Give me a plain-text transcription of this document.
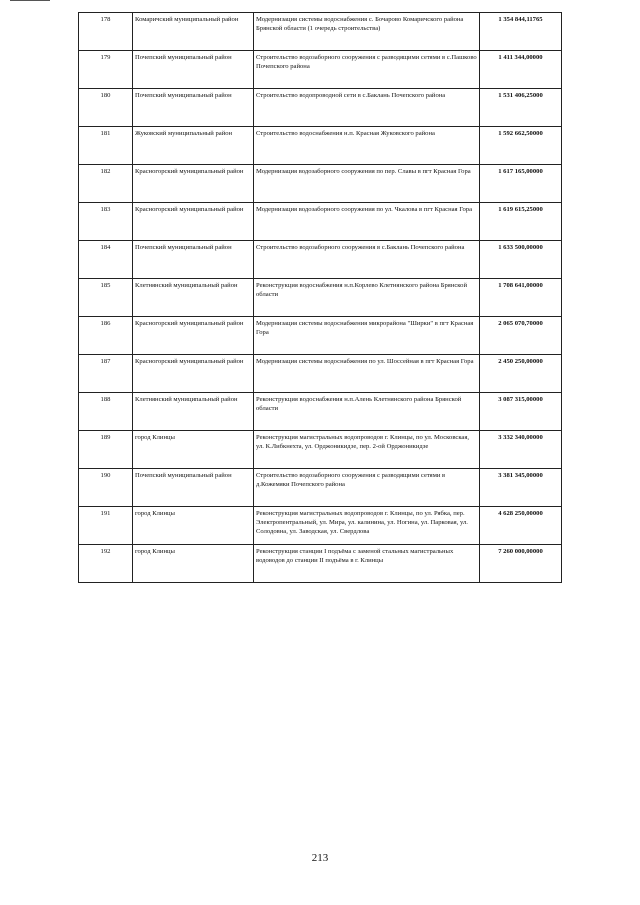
178	Комаричский муниципальный район	Модернизация системы водоснабжения с. Бочарово Комаричского района Брянской области (1 очередь строительства)	1 354 844,11765
179	Почепский муниципальный район	Строительство водозаборного сооружения с разводящими сетями в с.Пашково Почепского района	1 411 344,00000
180	Почепский муниципальный район	Строительство водопроводной сети в с.Баклань Почепского района	1 531 406,25000
181	Жуковский муниципальный район	Строительство водоснабжения н.п. Красная Жуковского района	1 592 662,50000
182	Красногорский муниципальный район	Модернизация водозаборного сооружения по пер. Славы в пгт Красная Гора	1 617 165,00000
183	Красногорский муниципальный район	Модернизация водозаборного сооружения по ул. Чкалова в пгт Красная Гора	1 619 615,25000
184	Почепский муниципальный район	Строительство водозаборного сооружения в с.Баклань Почепского района	1 633 500,00000
185	Клетнянский муниципальный район	Реконструкция водоснабжения н.п.Корлево Клетнянского района Брянской области	1 708 641,00000
186	Красногорский муниципальный район	Модернизация системы водоснабжения микрорайона "Ширки" в пгт Красная Гора	2 065 070,70000
187	Красногорский муниципальный район	Модернизация системы водоснабжения по ул. Шоссейная в пгт Красная Гора	2 450 250,00000
188	Клетнянский муниципальный район	Реконструкция водоснабжения н.п.Алень Клетнянского района Брянской области	3 087 315,00000
189	город Клинцы	Реконструкция магистральных водопроводов г. Клинцы, по ул. Московская, ул. К.Либкнехта, ул. Орджоникидзе, пер. 2-ой Орджоникидзе	3 332 340,00000
190	Почепский муниципальный район	Строительство водозаборного сооружения с разводящими сетями в д.Кожемяки Почепского района	3 381 345,00000
191	город Клинцы	Реконструкция магистральных водопроводов г. Клинцы, по ул. Рябка, пер. Электропентральный, ул. Мира, ул. калинина, ул. Ногина, ул. Парковая, ул. Солодовна, ул. Заводская, ул. Свердлова	4 628 250,00000
192	город Клинцы	Реконструкция станции I подъёма с заменой стальных магистральных водоводов до станции II подъёма в г. Клинцы	7 260 000,00000
213
